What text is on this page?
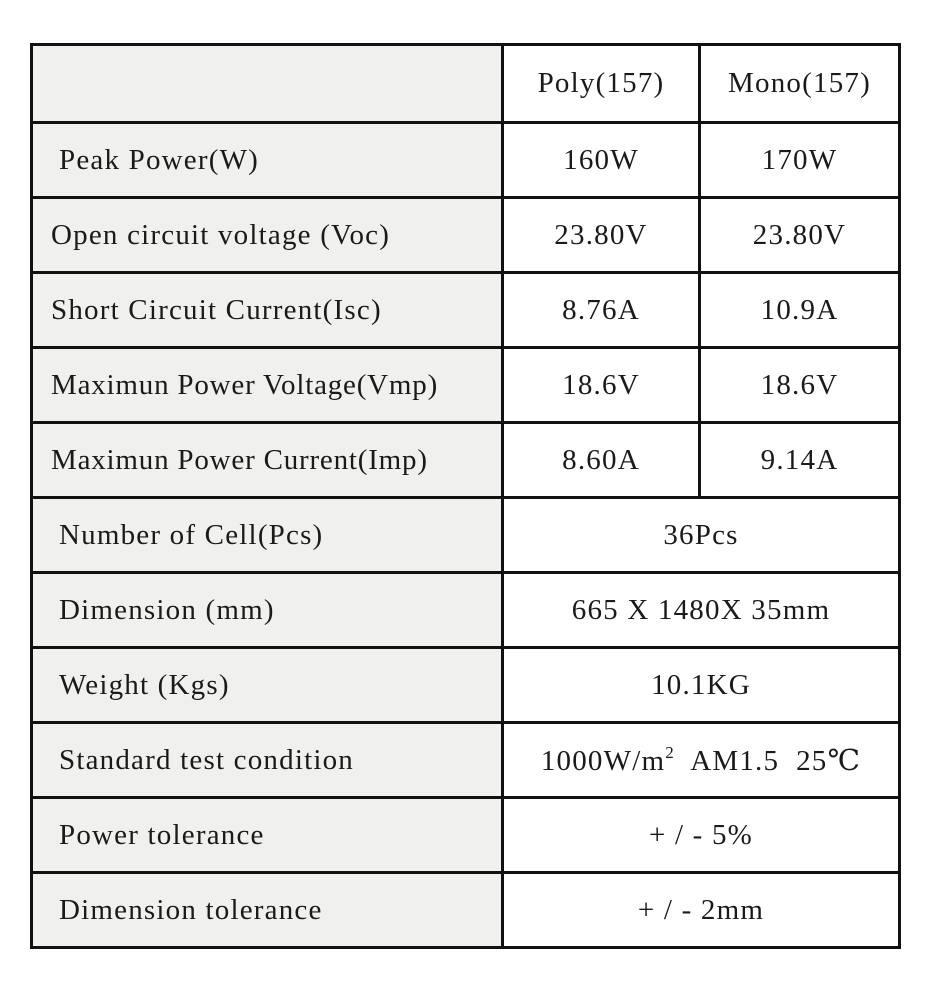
	Poly(157)	Mono(157)
Peak Power(W)	160W	170W
Open circuit voltage (Voc)	23.80V	23.80V
Short Circuit Current(Isc)	8.76A	10.9A
Maximun Power Voltage(Vmp)	18.6V	18.6V
Maximun Power Current(Imp)	8.60A	9.14A
Number of Cell(Pcs)	36Pcs	
Dimension (mm)	665 X 1480X 35mm	
Weight (Kgs)	10.1KG	
Standard test condition	$1000W/m^2$  AM1.5  25℃	
Power tolerance	+ / - 5%	
Dimension tolerance	+ / - 2mm	
